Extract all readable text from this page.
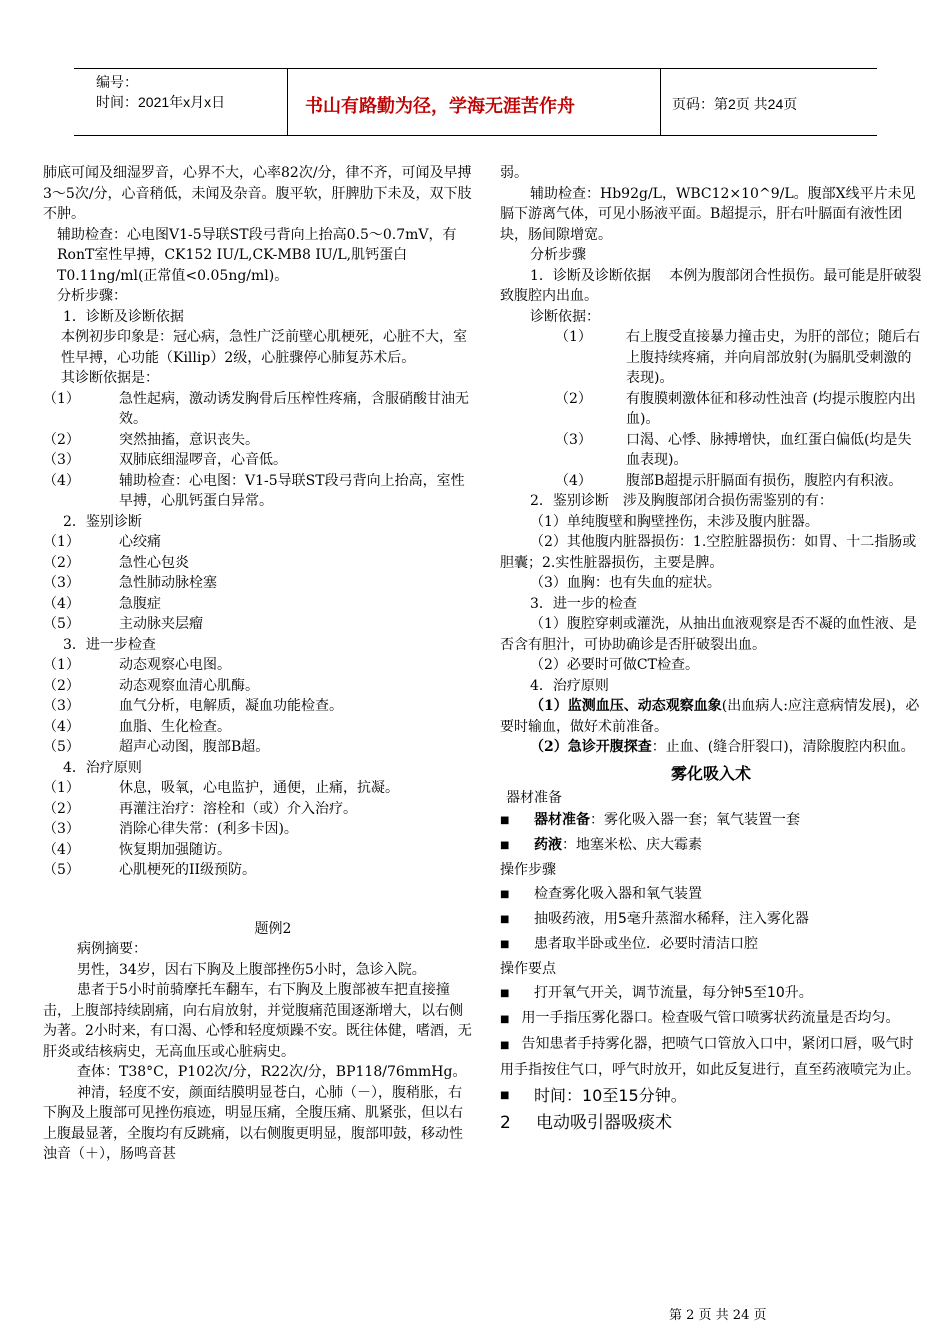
编号：
时间：2021年x月x日	书山有路勤为径，学海无涯苦作舟	页码：第2页 共24页

肺底可闻及细湿罗音，心界不大，心率82次/分，律不齐，可闻及早搏3～5次/分，心音稍低，未闻及杂音。腹平软，肝脾肋下未及，双下肢不肿。

辅助检查：心电图V1-5导联ST段弓背向上抬高0.5～0.7mV，有RonT室性早搏，CK152 IU/L,CK-MB8 IU/L,肌钙蛋白T0.11ng/ml(正常值<0.05ng/ml)。

分析步骤：

1．诊断及诊断依据

本例初步印象是：冠心病，急性广泛前壁心肌梗死，心脏不大，室性早搏，心功能（Killip）2级，心脏骤停心肺复苏术后。

其诊断依据是：

（1）	急性起病，激动诱发胸骨后压榨性疼痛，含服硝酸甘油无效。
（2）	突然抽搐，意识丧失。
（3）	双肺底细湿啰音，心音低。
（4）	辅助检查：心电图：V1-5导联ST段弓背向上抬高，室性早搏，心肌钙蛋白异常。

2．鉴别诊断

（1）	心绞痛
（2）	急性心包炎
（3）	急性肺动脉栓塞
（4）	急腹症
（5）	主动脉夹层瘤

3．进一步检查

（1）	动态观察心电图。
（2）	动态观察血清心肌酶。
（3）	血气分析，电解质，凝血功能检查。
（4）	血脂、生化检查。
（5）	超声心动图，腹部B超。

4．治疗原则

（1）	休息，吸氧，心电监护，通便，止痛，抗凝。
（2）	再灌注治疗：溶栓和（或）介入治疗。
（3）	消除心律失常：(利多卡因)。
（4）	恢复期加强随访。
（5）	心肌梗死的II级预防。

题例2

病例摘要：

男性，34岁，因右下胸及上腹部挫伤5小时，急诊入院。

患者于5小时前骑摩托车翻车，右下胸及上腹部被车把直接撞击，上腹部持续剧痛，向右肩放射，并觉腹痛范围逐渐增大，以右侧为著。2小时来，有口渴、心悸和轻度烦躁不安。既往体健，嗜酒，无肝炎或结核病史，无高血压或心脏病史。

查体：T38°C，P102次/分，R22次/分，BP118/76mmHg。

神清，轻度不安，颜面结膜明显苍白，心肺（－），腹稍胀，右下胸及上腹部可见挫伤痕迹，明显压痛，全腹压痛、肌紧张，但以右上腹最显著，全腹均有反跳痛，以右侧腹更明显，腹部叩鼓，移动性浊音（＋），肠鸣音甚

弱。

辅助检查：Hb92g/L，WBC12×10^9/L。腹部X线平片未见膈下游离气体，可见小肠液平面。B超提示，肝右叶膈面有液性团块，肠间隙增宽。

分析步骤

1．诊断及诊断依据　 本例为腹部闭合性损伤。最可能是肝破裂致腹腔内出血。

诊断依据：

（1）	右上腹受直接暴力撞击史，为肝的部位；随后右上腹持续疼痛，并向肩部放射(为膈肌受刺激的表现)。
（2）	有腹膜刺激体征和移动性浊音 (均提示腹腔内出血)。
（3）	口渴、心悸、脉搏增快，血红蛋白偏低(均是失血表现)。
（4）	腹部B超提示肝膈面有损伤，腹腔内有积液。

2．鉴别诊断　涉及胸腹部闭合损伤需鉴别的有：

（1）单纯腹壁和胸壁挫伤，未涉及腹内脏器。

（2）其他腹内脏器损伤：1.空腔脏器损伤：如胃、十二指肠或胆囊；2.实性脏器损伤，主要是脾。

（3）血胸：也有失血的症状。

3．进一步的检查

（1）腹腔穿刺或灌洗，从抽出血液观察是否不凝的血性液、是否含有胆汁，可协助确诊是否肝破裂出血。

（2）必要时可做CT检查。

4．治疗原则

（1）监测血压、动态观察血象(出血病人:应注意病情发展)，必要时输血，做好术前准备。

（2）急诊开腹探查：止血、(缝合肝裂口)，清除腹腔内积血。

雾化吸入术

器材准备

■	器材准备：雾化吸入器一套；氧气装置一套
■	药液：地塞米松、庆大霉素

操作步骤

■	检查雾化吸入器和氧气装置
■	抽吸药液，用5毫升蒸溜水稀释，注入雾化器
■	患者取半卧或坐位．必要时清洁口腔

操作要点

■	打开氧气开关，调节流量，每分钟5至10升。

■ 用一手指压雾化器口。检查吸气管口喷雾状药流量是否均匀。

■ 告知患者手持雾化器，把喷气口管放入口中，紧闭口唇，吸气时用手指按住气口，呼气时放开，如此反复进行，直至药液喷完为止。

■	时间：10至15分钟。
2	电动吸引器吸痰术
第 2 页 共 24 页
